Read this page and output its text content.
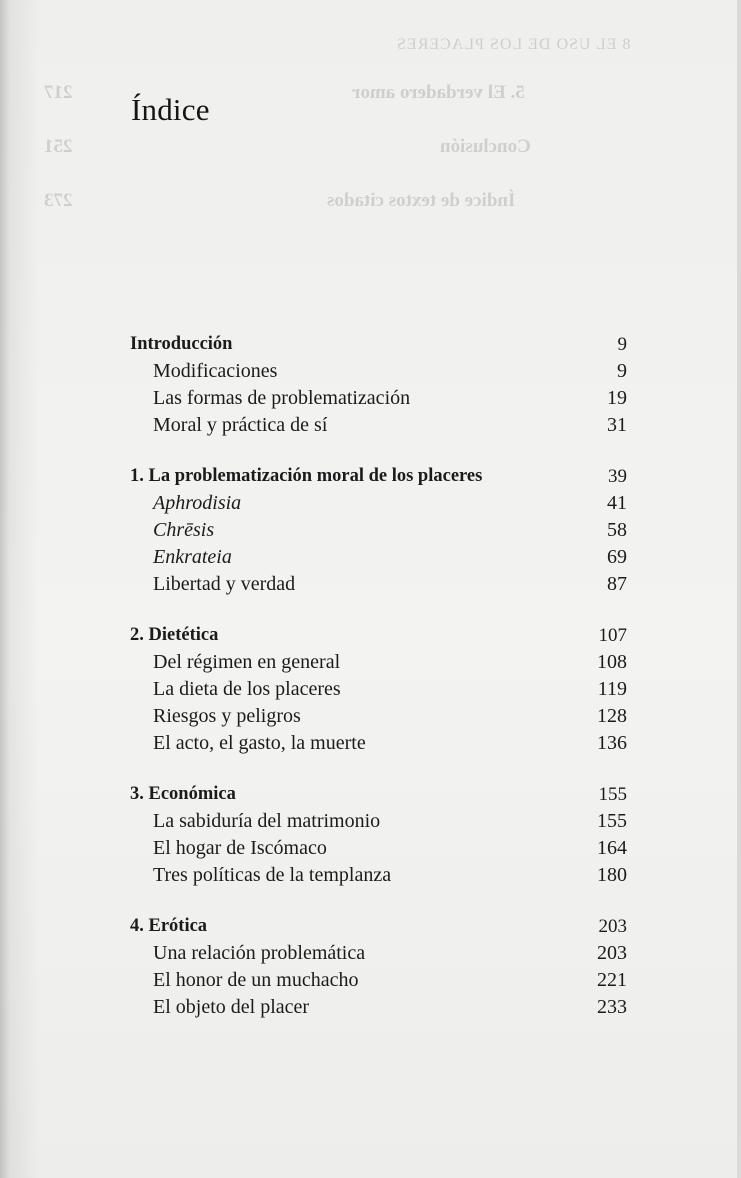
8 EL USO DE LOS PLACERES
5. El verdadero amor
217
Conclusión
251
Índice de textos citados
273
Índice
Introducción	9
Modificaciones	9
Las formas de problematización	19
Moral y práctica de sí	31
1. La problematización moral de los placeres	39
Aphrodisia	41
Chrēsis	58
Enkrateia	69
Libertad y verdad	87
2. Dietética	107
Del régimen en general	108
La dieta de los placeres	119
Riesgos y peligros	128
El acto, el gasto, la muerte	136
3. Económica	155
La sabiduría del matrimonio	155
El hogar de Iscómaco	164
Tres políticas de la templanza	180
4. Erótica	203
Una relación problemática	203
El honor de un muchacho	221
El objeto del placer	233
